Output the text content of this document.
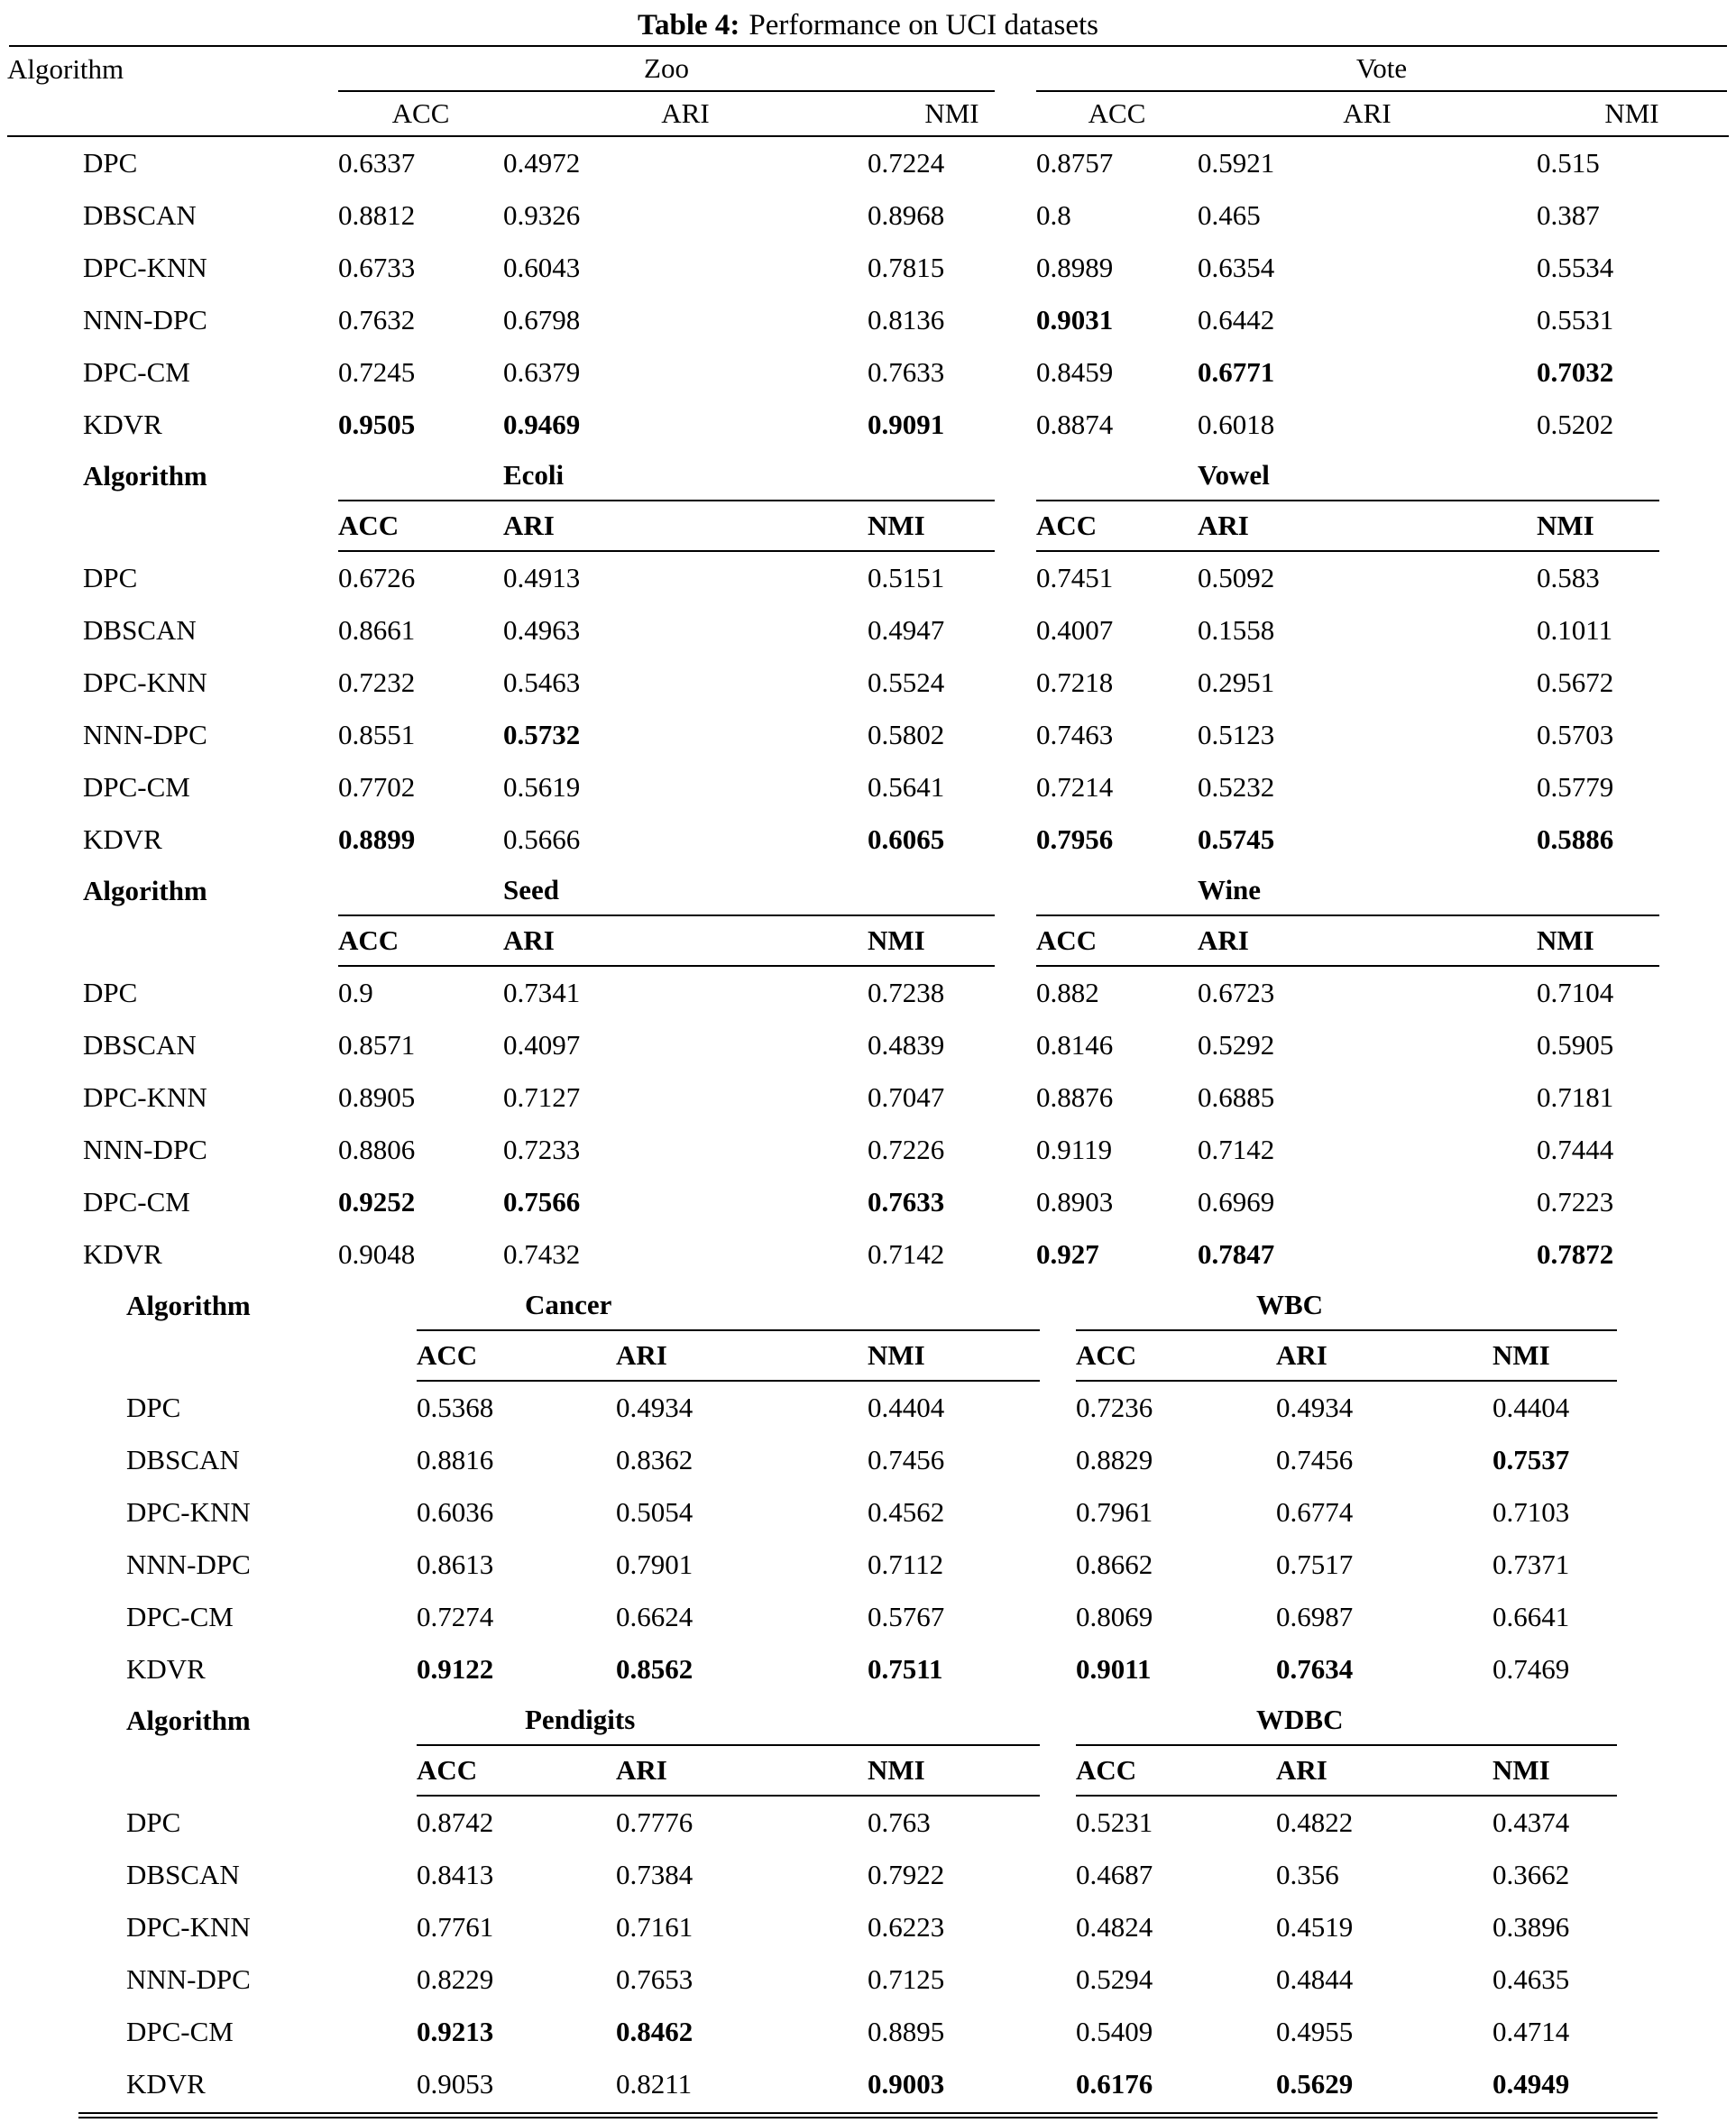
Table 4: Performance on UCI datasets
Algorithm	Zoo	Vote
ACC	ARI	NMI	ACC	ARI	NMI
DPC	0.6337	0.4972	0.7224	0.8757	0.5921	0.515
DBSCAN	0.8812	0.9326	0.8968	0.8	0.465	0.387
DPC-KNN	0.6733	0.6043	0.7815	0.8989	0.6354	0.5534
NNN-DPC	0.7632	0.6798	0.8136	0.9031	0.6442	0.5531
DPC-CM	0.7245	0.6379	0.7633	0.8459	0.6771	0.7032
KDVR	0.9505	0.9469	0.9091	0.8874	0.6018	0.5202
Algorithm	Ecoli	Vowel
ACC	ARI	NMI	ACC	ARI	NMI
DPC	0.6726	0.4913	0.5151	0.7451	0.5092	0.583
DBSCAN	0.8661	0.4963	0.4947	0.4007	0.1558	0.1011
DPC-KNN	0.7232	0.5463	0.5524	0.7218	0.2951	0.5672
NNN-DPC	0.8551	0.5732	0.5802	0.7463	0.5123	0.5703
DPC-CM	0.7702	0.5619	0.5641	0.7214	0.5232	0.5779
KDVR	0.8899	0.5666	0.6065	0.7956	0.5745	0.5886
Algorithm	Seed	Wine
ACC	ARI	NMI	ACC	ARI	NMI
DPC	0.9	0.7341	0.7238	0.882	0.6723	0.7104
DBSCAN	0.8571	0.4097	0.4839	0.8146	0.5292	0.5905
DPC-KNN	0.8905	0.7127	0.7047	0.8876	0.6885	0.7181
NNN-DPC	0.8806	0.7233	0.7226	0.9119	0.7142	0.7444
DPC-CM	0.9252	0.7566	0.7633	0.8903	0.6969	0.7223
KDVR	0.9048	0.7432	0.7142	0.927	0.7847	0.7872
Algorithm	Cancer	WBC
ACC	ARI	NMI	ACC	ARI	NMI
DPC	0.5368	0.4934	0.4404	0.7236	0.4934	0.4404
DBSCAN	0.8816	0.8362	0.7456	0.8829	0.7456	0.7537
DPC-KNN	0.6036	0.5054	0.4562	0.7961	0.6774	0.7103
NNN-DPC	0.8613	0.7901	0.7112	0.8662	0.7517	0.7371
DPC-CM	0.7274	0.6624	0.5767	0.8069	0.6987	0.6641
KDVR	0.9122	0.8562	0.7511	0.9011	0.7634	0.7469
Algorithm	Pendigits	WDBC
ACC	ARI	NMI	ACC	ARI	NMI
DPC	0.8742	0.7776	0.763	0.5231	0.4822	0.4374
DBSCAN	0.8413	0.7384	0.7922	0.4687	0.356	0.3662
DPC-KNN	0.7761	0.7161	0.6223	0.4824	0.4519	0.3896
NNN-DPC	0.8229	0.7653	0.7125	0.5294	0.4844	0.4635
DPC-CM	0.9213	0.8462	0.8895	0.5409	0.4955	0.4714
KDVR	0.9053	0.8211	0.9003	0.6176	0.5629	0.4949
